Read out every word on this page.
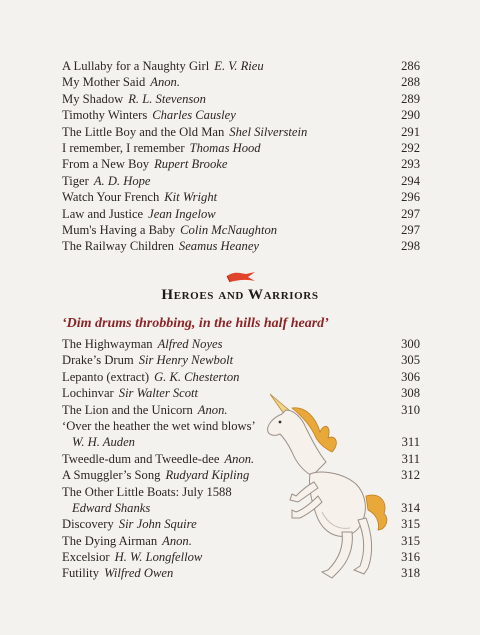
A Lullaby for a Naughty Girl E. V. Rieu	286
My Mother Said Anon.	288
My Shadow R. L. Stevenson	289
Timothy Winters Charles Causley	290
The Little Boy and the Old Man Shel Silverstein	291
I remember, I remember Thomas Hood	292
From a New Boy Rupert Brooke	293
Tiger A. D. Hope	294
Watch Your French Kit Wright	296
Law and Justice Jean Ingelow	297
Mum's Having a Baby Colin McNaughton	297
The Railway Children Seamus Heaney	298
Heroes and Warriors
‘Dim drums throbbing, in the hills half heard’
The Highwayman Alfred Noyes	300
Drake’s Drum Sir Henry Newbolt	305
Lepanto (extract) G. K. Chesterton	306
Lochinvar Sir Walter Scott	308
The Lion and the Unicorn Anon.	310
‘Over the heather the wet wind blows’
W. H. Auden	311
Tweedle-dum and Tweedle-dee Anon.	311
A Smuggler’s Song Rudyard Kipling	312
The Other Little Boats: July 1588
Edward Shanks	314
Discovery Sir John Squire	315
The Dying Airman Anon.	315
Excelsior H. W. Longfellow	316
Futility Wilfred Owen	318
